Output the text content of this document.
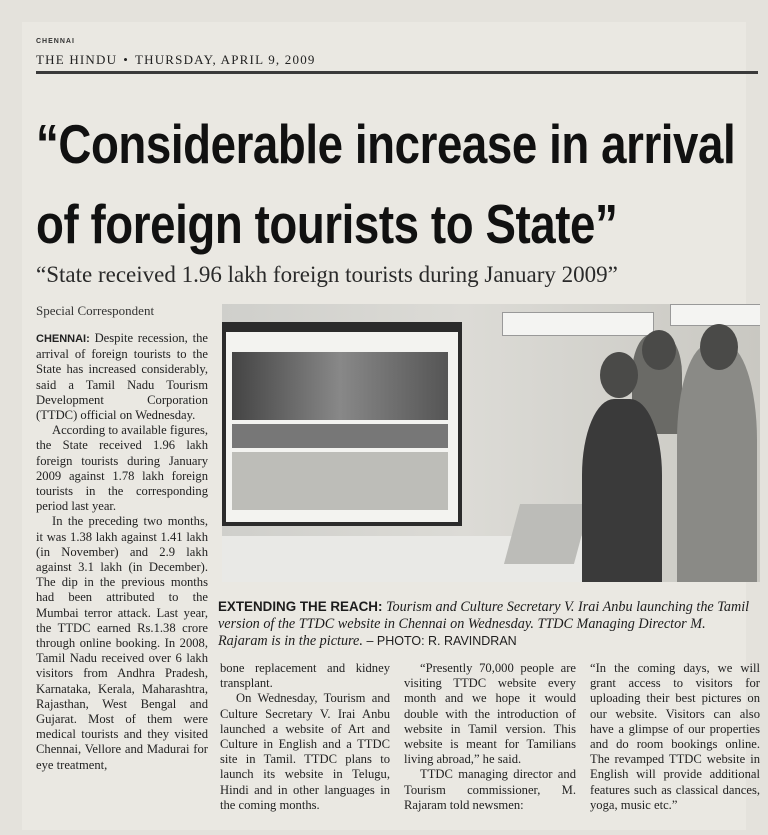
CHENNAI
THE HINDU • THURSDAY, APRIL 9, 2009
“Considerable increase in arrival
of foreign tourists to State”
“State received 1.96 lakh foreign tourists during January 2009”
Special Correspondent

CHENNAI: Despite recession, the arrival of foreign tourists to the State has increased considerably, said a Tamil Nadu Tourism Development Corporation (TTDC) official on Wednesday.

According to available figures, the State received 1.96 lakh foreign tourists during January 2009 against 1.78 lakh foreign tourists in the corresponding period last year.

In the preceding two months, it was 1.38 lakh against 1.41 lakh (in November) and 2.9 lakh against 3.1 lakh (in December). The dip in the previous months had been attributed to the Mumbai terror attack. Last year, the TTDC earned Rs.1.38 crore through online booking. In 2008, Tamil Nadu received over 6 lakh visitors from Andhra Pradesh, Karnataka, Kerala, Maharashtra, Rajasthan, West Bengal and Gujarat. Most of them were medical tourists and they visited Chennai, Vellore and Madurai for eye treatment,

EXTENDING THE REACH: Tourism and Culture Secretary V. Irai Anbu launching the Tamil version of the TTDC website in Chennai on Wednesday. TTDC Managing Director M. Rajaram is in the picture. – PHOTO: R. RAVINDRAN

bone replacement and kidney transplant.

On Wednesday, Tourism and Culture Secretary V. Irai Anbu launched a website of Art and Culture in English and a TTDC site in Tamil. TTDC plans to launch its website in Telugu, Hindi and in other languages in the coming months.

“Presently 70,000 people are visiting TTDC website every month and we hope it would double with the introduction of website in Tamil version. This website is meant for Tamilians living abroad,” he said.

TTDC managing director and Tourism commissioner, M. Rajaram told newsmen:

“In the coming days, we will grant access to visitors for uploading their best pictures on our website. Visitors can also have a glimpse of our properties and do room bookings online. The revamped TTDC website in English will provide additional features such as classical dances, yoga, music etc.”
